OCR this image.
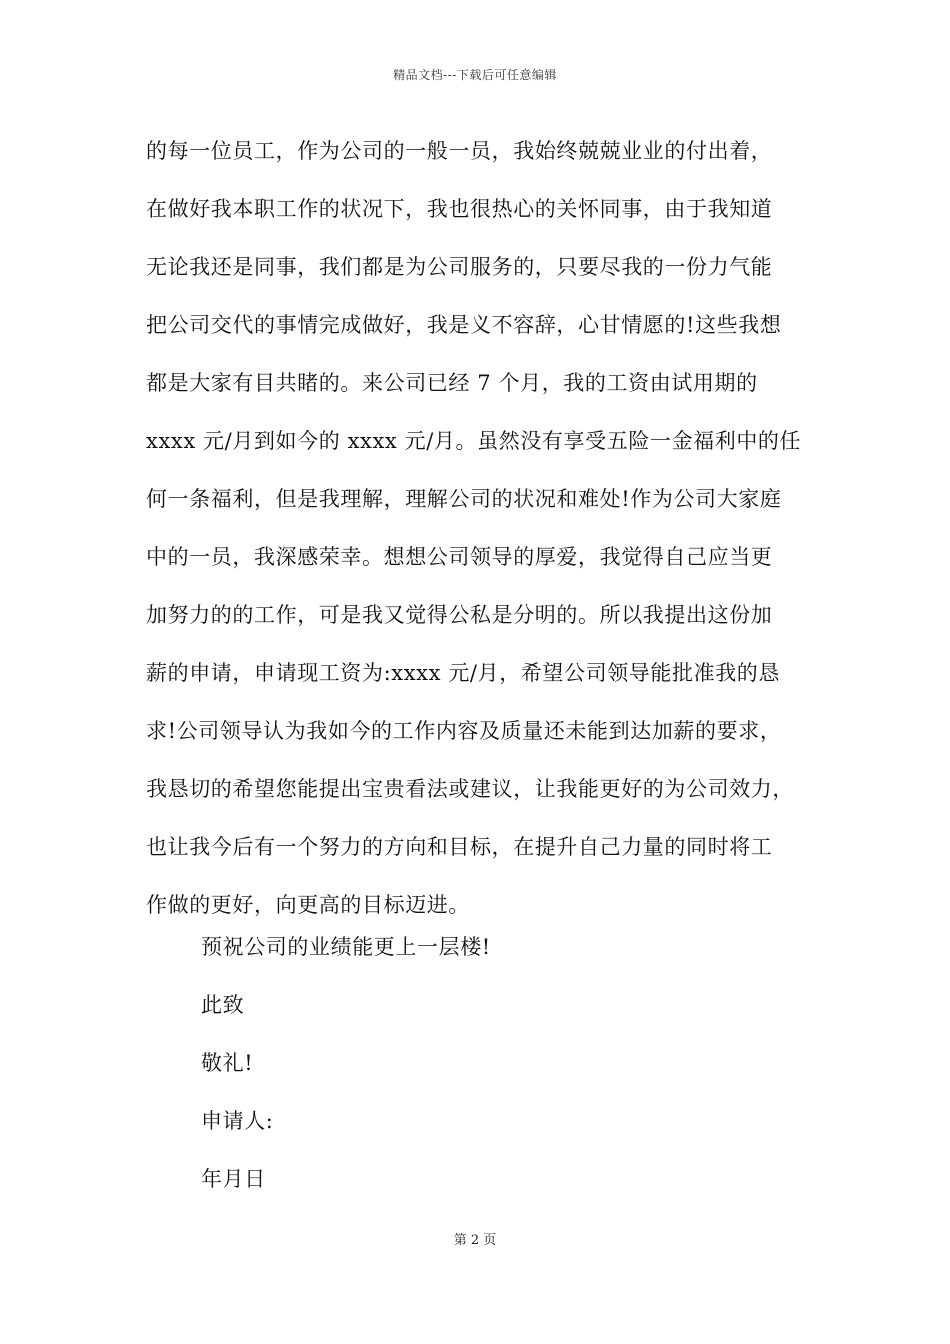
精品文档---下载后可任意编辑
的每一位员工，作为公司的一般一员，我始终兢兢业业的付出着，
在做好我本职工作的状况下，我也很热心的关怀同事，由于我知道
无论我还是同事，我们都是为公司服务的，只要尽我的一份力气能
把公司交代的事情完成做好，我是义不容辞，心甘情愿的!这些我想
都是大家有目共睹的。来公司已经 7 个月，我的工资由试用期的
xxxx 元/月到如今的 xxxx 元/月。虽然没有享受五险一金福利中的任
何一条福利，但是我理解，理解公司的状况和难处!作为公司大家庭
中的一员，我深感荣幸。想想公司领导的厚爱，我觉得自己应当更
加努力的的工作，可是我又觉得公私是分明的。所以我提出这份加
薪的申请，申请现工资为:xxxx 元/月，希望公司领导能批准我的恳
求!公司领导认为我如今的工作内容及质量还未能到达加薪的要求，
我恳切的希望您能提出宝贵看法或建议，让我能更好的为公司效力，
也让我今后有一个努力的方向和目标，在提升自己力量的同时将工
作做的更好，向更高的目标迈进。
预祝公司的业绩能更上一层楼!
此致
敬礼!
申请人:
年月日
第 2 页
